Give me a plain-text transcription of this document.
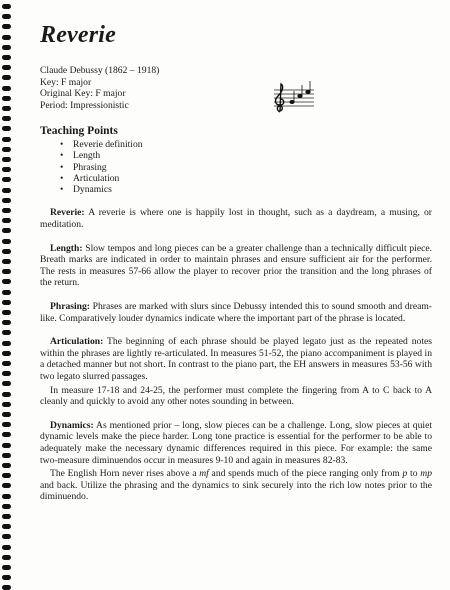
Reverie
Claude Debussy (1862 – 1918)
Key: F major
Original Key: F major
Period: Impressionistic
Teaching Points
• Reverie definition
• Length
• Phrasing
• Articulation
• Dynamics

Reverie: A reverie is where one is happily lost in thought, such as a daydream, a musing, or meditation.

Length: Slow tempos and long pieces can be a greater challenge than a technically difficult piece. Breath marks are indicated in order to maintain phrases and ensure sufficient air for the performer. The rests in measures 57-66 allow the player to recover prior the transition and the long phrases of the return.

Phrasing: Phrases are marked with slurs since Debussy intended this to sound smooth and dream-like. Comparatively louder dynamics indicate where the important part of the phrase is located.

Articulation: The beginning of each phrase should be played legato just as the repeated notes within the phrases are lightly re-articulated. In measures 51-52, the piano accompaniment is played in a detached manner but not short. In contrast to the piano part, the EH answers in measures 53-56 with two legato slurred passages.

In measure 17-18 and 24-25, the performer must complete the fingering from A to C back to A cleanly and quickly to avoid any other notes sounding in between.

Dynamics: As mentioned prior – long, slow pieces can be a challenge. Long, slow pieces at quiet dynamic levels make the piece harder. Long tone practice is essential for the performer to be able to adequately make the necessary dynamic differences required in this piece. For example: the same two-measure diminuendos occur in measures 9-10 and again in measures 82-83.

The English Horn never rises above a mf and spends much of the piece ranging only from p to mp and back. Utilize the phrasing and the dynamics to sink securely into the rich low notes prior to the diminuendo.
